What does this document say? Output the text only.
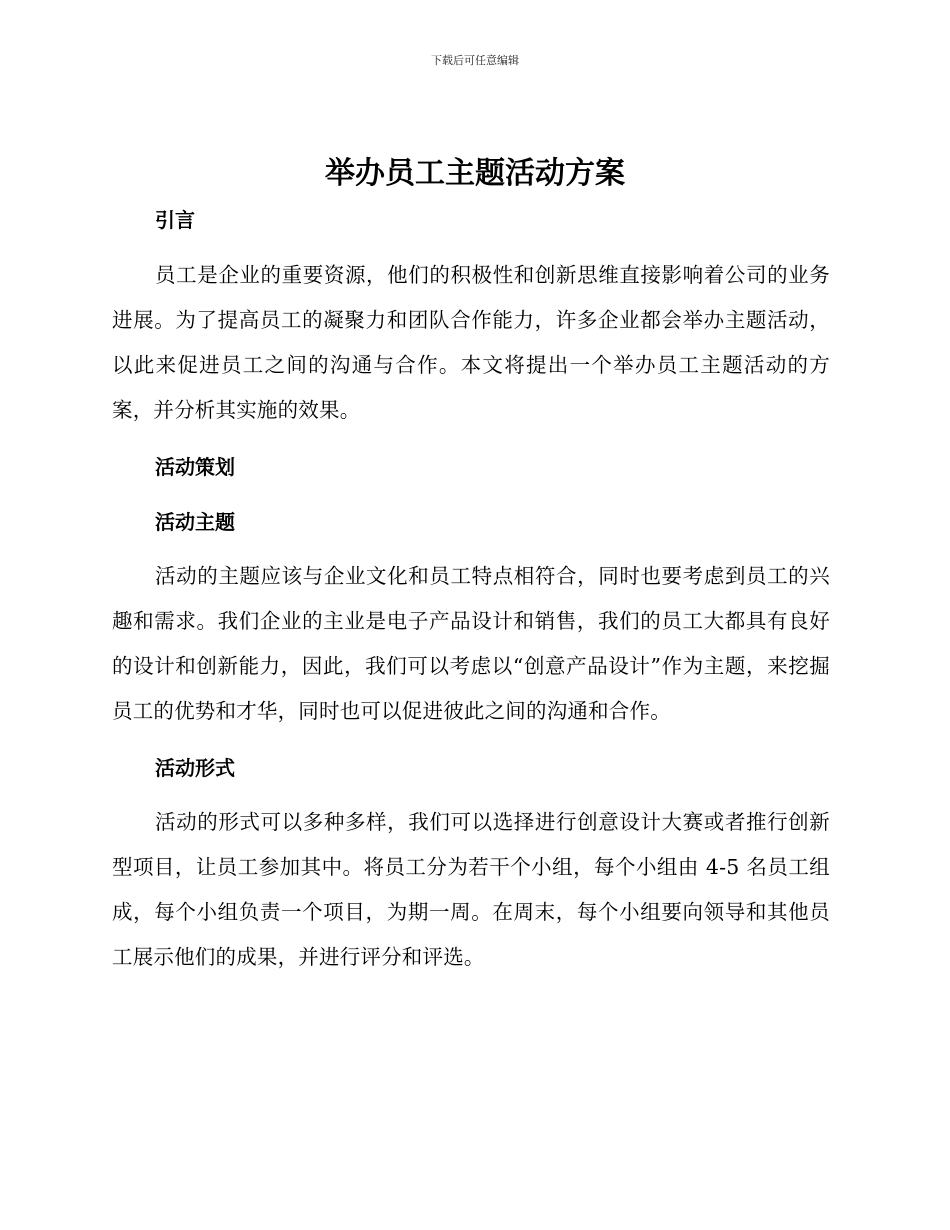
下载后可任意编辑
举办员工主题活动方案
引言

员工是企业的重要资源，他们的积极性和创新思维直接影响着公司的业务进展。为了提高员工的凝聚力和团队合作能力，许多企业都会举办主题活动，以此来促进员工之间的沟通与合作。本文将提出一个举办员工主题活动的方案，并分析其实施的效果。

活动策划
活动主题

活动的主题应该与企业文化和员工特点相符合，同时也要考虑到员工的兴趣和需求。我们企业的主业是电子产品设计和销售，我们的员工大都具有良好的设计和创新能力，因此，我们可以考虑以“创意产品设计”作为主题，来挖掘员工的优势和才华，同时也可以促进彼此之间的沟通和合作。

活动形式

活动的形式可以多种多样，我们可以选择进行创意设计大赛或者推行创新型项目，让员工参加其中。将员工分为若干个小组，每个小组由 4-5 名员工组成，每个小组负责一个项目，为期一周。在周末，每个小组要向领导和其他员工展示他们的成果，并进行评分和评选。
